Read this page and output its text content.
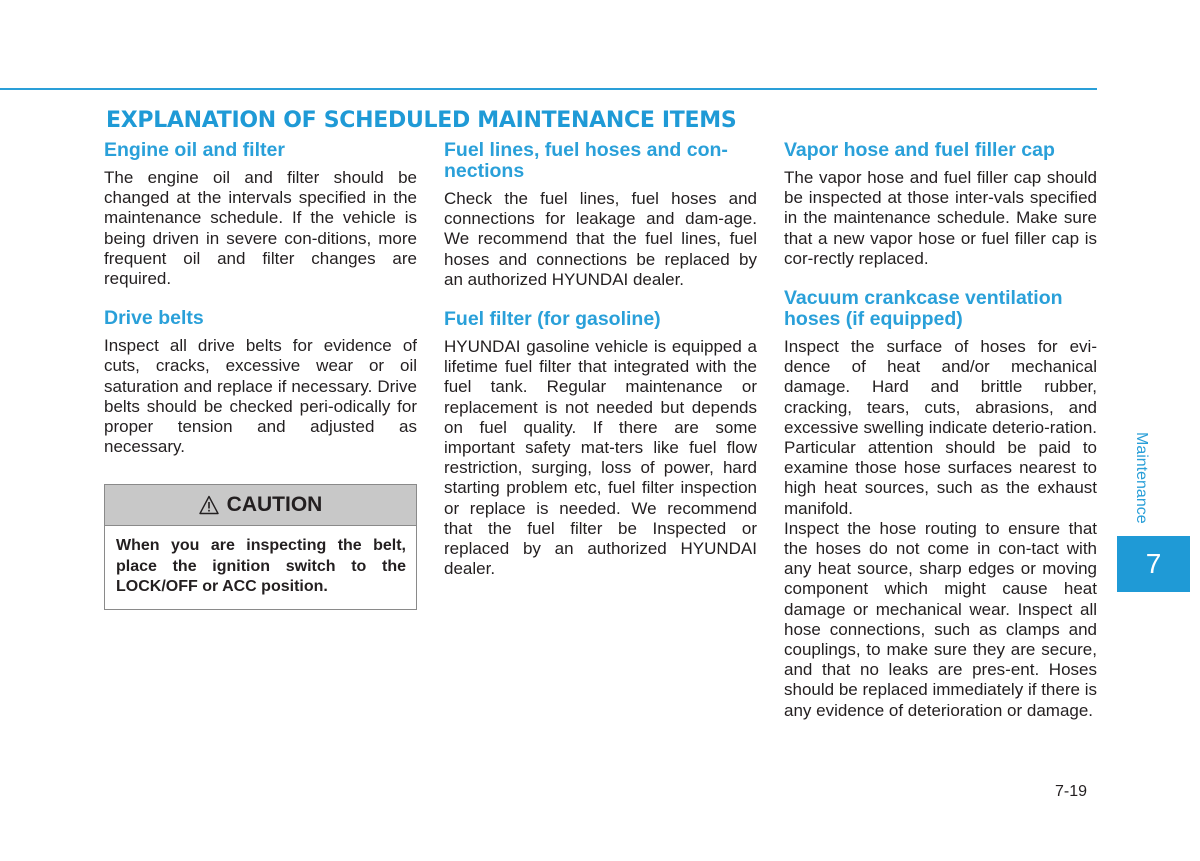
EXPLANATION OF SCHEDULED MAINTENANCE ITEMS
Engine oil and filter

The engine oil and filter should be changed at the intervals specified in the maintenance schedule. If the vehicle is being driven in severe con-ditions, more frequent oil and filter changes are required.

Drive belts

Inspect all drive belts for evidence of cuts, cracks, excessive wear or oil saturation and replace if necessary. Drive belts should be checked peri-odically for proper tension and adjusted as necessary.

CAUTION
When you are inspecting the belt, place the ignition switch to the LOCK/OFF or ACC position.
Fuel lines, fuel hoses and con-nections

Check the fuel lines, fuel hoses and connections for leakage and dam-age. We recommend that the fuel lines, fuel hoses and connections be replaced by an authorized HYUNDAI dealer.

Fuel filter (for gasoline)

HYUNDAI gasoline vehicle is equipped a lifetime fuel filter that integrated with the fuel tank. Regular maintenance or replacement is not needed but depends on fuel quality. If there are some important safety mat-ters like fuel flow restriction, surging, loss of power, hard starting problem etc, fuel filter inspection or replace is needed. We recommend that the fuel filter be Inspected or replaced by an authorized HYUNDAI dealer.

Vapor hose and fuel filler cap

The vapor hose and fuel filler cap should be inspected at those inter-vals specified in the maintenance schedule. Make sure that a new vapor hose or fuel filler cap is cor-rectly replaced.

Vacuum crankcase ventilation hoses (if equipped)

Inspect the surface of hoses for evi-dence of heat and/or mechanical damage. Hard and brittle rubber, cracking, tears, cuts, abrasions, and excessive swelling indicate deterio-ration. Particular attention should be paid to examine those hose surfaces nearest to high heat sources, such as the exhaust manifold.

Inspect the hose routing to ensure that the hoses do not come in con-tact with any heat source, sharp edges or moving component which might cause heat damage or mechanical wear. Inspect all hose connections, such as clamps and couplings, to make sure they are secure, and that no leaks are pres-ent. Hoses should be replaced immediately if there is any evidence of deterioration or damage.

Maintenance
7
7-19
